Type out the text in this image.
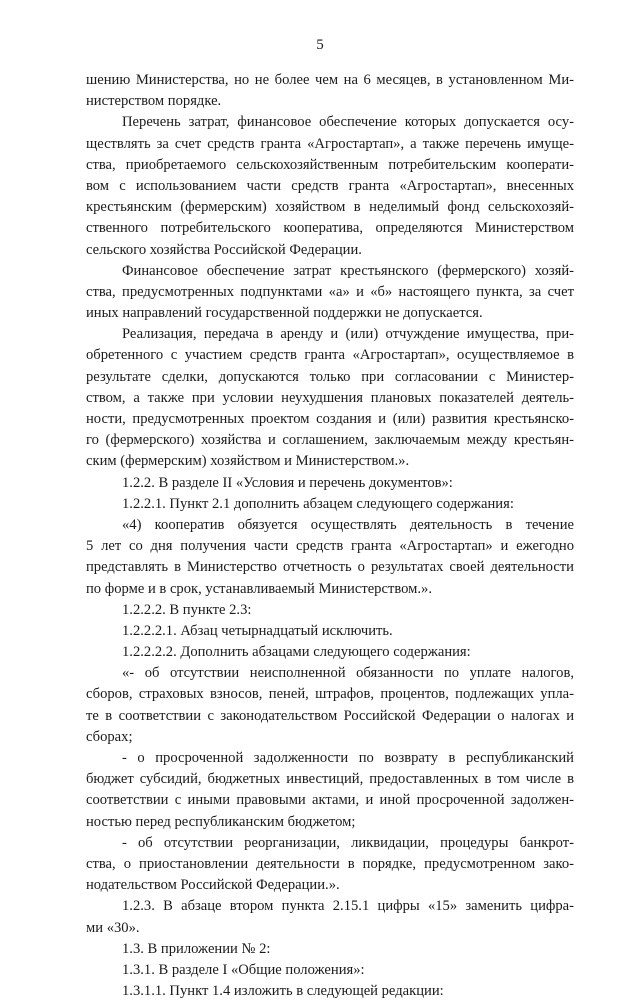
5
шению Министерства, но не более чем на 6 месяцев, в установленном Ми-
нистерством порядке.
Перечень затрат, финансовое обеспечение которых допускается осу-
ществлять за счет средств гранта «Агростартап», а также перечень имуще-
ства, приобретаемого сельскохозяйственным потребительским кооперати-
вом с использованием части средств гранта «Агростартап», внесенных
крестьянским (фермерским) хозяйством в неделимый фонд сельскохозяй-
ственного потребительского кооператива, определяются Министерством
сельского хозяйства Российской Федерации.
Финансовое обеспечение затрат крестьянского (фермерского) хозяй-
ства, предусмотренных подпунктами «а» и «б» настоящего пункта, за счет
иных направлений государственной поддержки не допускается.
Реализация, передача в аренду и (или) отчуждение имущества, при-
обретенного с участием средств гранта «Агростартап», осуществляемое в
результате сделки, допускаются только при согласовании с Министер-
ством, а также при условии неухудшения плановых показателей деятель-
ности, предусмотренных проектом создания и (или) развития крестьянско-
го (фермерского) хозяйства и соглашением, заключаемым между крестьян-
ским (фермерским) хозяйством и Министерством.».
1.2.2. В разделе II «Условия и перечень документов»:
1.2.2.1. Пункт 2.1 дополнить абзацем следующего содержания:
«4) кооператив обязуется осуществлять деятельность в течение
5 лет со дня получения части средств гранта «Агростартап» и ежегодно
представлять в Министерство отчетность о результатах своей деятельности
по форме и в срок, устанавливаемый Министерством.».
1.2.2.2. В пункте 2.3:
1.2.2.2.1. Абзац четырнадцатый исключить.
1.2.2.2.2. Дополнить абзацами следующего содержания:
«- об отсутствии неисполненной обязанности по уплате налогов,
сборов, страховых взносов, пеней, штрафов, процентов, подлежащих упла-
те в соответствии с законодательством Российской Федерации о налогах и
сборах;
- о просроченной задолженности по возврату в республиканский
бюджет субсидий, бюджетных инвестиций, предоставленных в том числе в
соответствии с иными правовыми актами, и иной просроченной задолжен-
ностью перед республиканским бюджетом;
- об отсутствии реорганизации, ликвидации, процедуры банкрот-
ства, о приостановлении деятельности в порядке, предусмотренном зако-
нодательством Российской Федерации.».
1.2.3. В абзаце втором пункта 2.15.1 цифры «15» заменить цифра-
ми «30».
1.3. В приложении № 2:
1.3.1. В разделе I «Общие положения»:
1.3.1.1. Пункт 1.4 изложить в следующей редакции:
